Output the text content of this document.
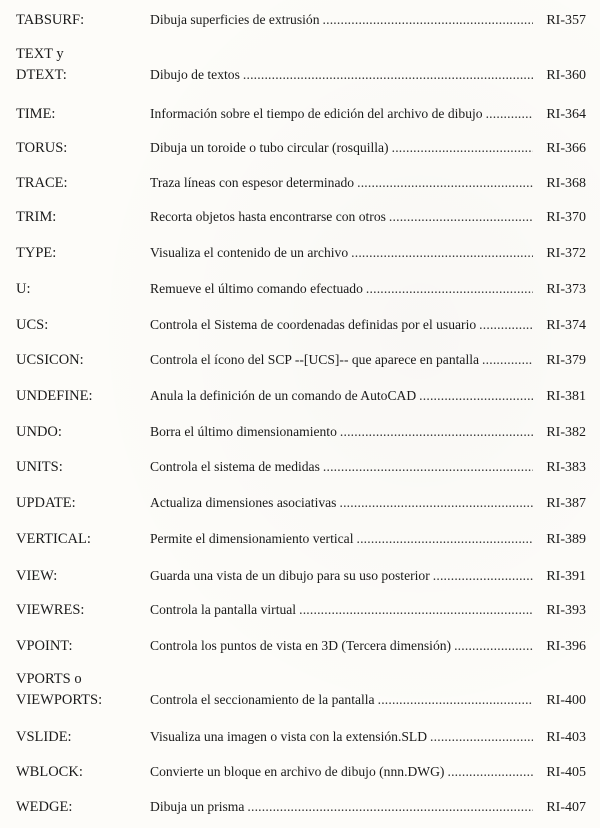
TABSURF:	Dibuja superficies de extrusión . . .	RI-357
TEXT y
DTEXT:	Dibujo de textos . . .	RI-360
TIME:	Información sobre el tiempo de edición del archivo de dibujo . . .	RI-364
TORUS:	Dibuja un toroide o tubo circular (rosquilla) . . .	RI-366
TRACE:	Traza líneas con espesor determinado . . .	RI-368
TRIM:	Recorta objetos hasta encontrarse con otros . . .	RI-370
TYPE:	Visualiza el contenido de un archivo . . .	RI-372
U:	Remueve el último comando efectuado . . .	RI-373
UCS:	Controla el Sistema de coordenadas definidas por el usuario . . .	RI-374
UCSICON:	Controla el ícono del SCP --[UCS]-- que aparece en pantalla . . .	RI-379
UNDEFINE:	Anula la definición de un comando de AutoCAD . . .	RI-381
UNDO:	Borra el último dimensionamiento . . .	RI-382
UNITS:	Controla el sistema de medidas . . .	RI-383
UPDATE:	Actualiza dimensiones asociativas . . .	RI-387
VERTICAL:	Permite el dimensionamiento vertical . . .	RI-389
VIEW:	Guarda una vista de un dibujo para su uso posterior . . .	RI-391
VIEWRES:	Controla la pantalla virtual . . .	RI-393
VPOINT:	Controla los puntos de vista en 3D (Tercera dimensión) . . .	RI-396
VPORTS o
VIEWPORTS:	Controla el seccionamiento de la pantalla . . .	RI-400
VSLIDE:	Visualiza una imagen o vista con la extensión.SLD . . .	RI-403
WBLOCK:	Convierte un bloque en archivo de dibujo (nnn.DWG) . . .	RI-405
WEDGE:	Dibuja un prisma . . .	RI-407
